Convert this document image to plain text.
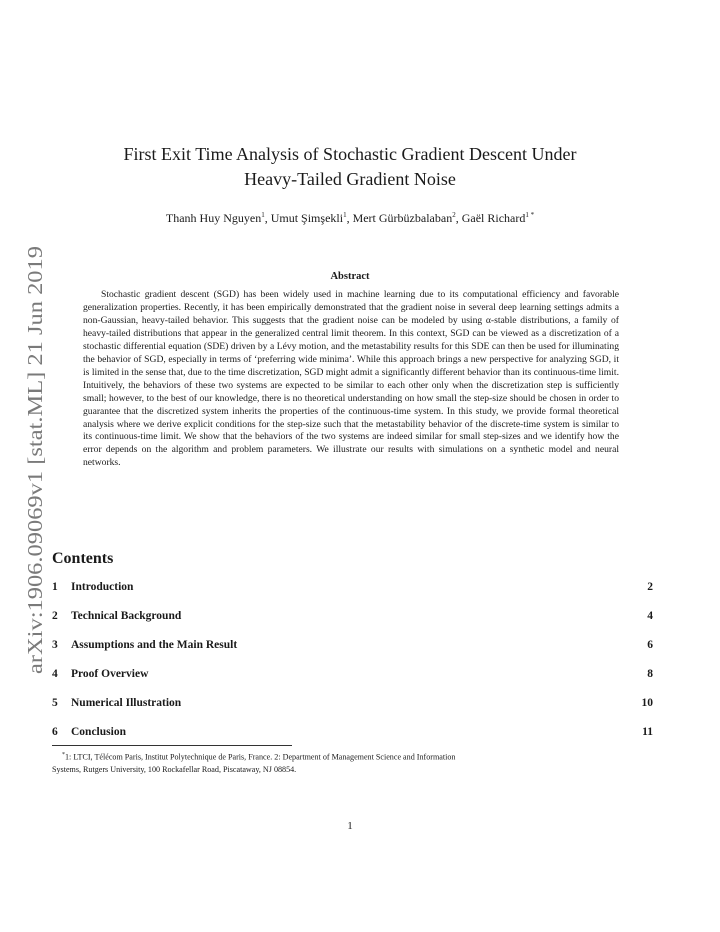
arXiv:1906.09069v1 [stat.ML] 21 Jun 2019
First Exit Time Analysis of Stochastic Gradient Descent Under
Heavy-Tailed Gradient Noise
Thanh Huy Nguyen$^1$, Umut Şimşekli$^1$, Mert Gürbüzbalaban$^2$, Gaël Richard$^{1 *}$
Abstract

Stochastic gradient descent (SGD) has been widely used in machine learning due to its computational efficiency and favorable generalization properties. Recently, it has been empirically demonstrated that the gradient noise in several deep learning settings admits a non-Gaussian, heavy-tailed behavior. This suggests that the gradient noise can be modeled by using α-stable distributions, a family of heavy-tailed distributions that appear in the generalized central limit theorem. In this context, SGD can be viewed as a discretization of a stochastic differential equation (SDE) driven by a Lévy motion, and the metastability results for this SDE can then be used for illuminating the behavior of SGD, especially in terms of ‘preferring wide minima’. While this approach brings a new perspective for analyzing SGD, it is limited in the sense that, due to the time discretization, SGD might admit a significantly different behavior than its continuous-time limit. Intuitively, the behaviors of these two systems are expected to be similar to each other only when the discretization step is sufficiently small; however, to the best of our knowledge, there is no theoretical understanding on how small the step-size should be chosen in order to guarantee that the discretized system inherits the properties of the continuous-time system. In this study, we provide formal theoretical analysis where we derive explicit conditions for the step-size such that the metastability behavior of the discrete-time system is similar to its continuous-time limit. We show that the behaviors of the two systems are indeed similar for small step-sizes and we identify how the error depends on the algorithm and problem parameters. We illustrate our results with simulations on a synthetic model and neural networks.

Contents
1 Introduction	2
2 Technical Background	4
3 Assumptions and the Main Result	6
4 Proof Overview	8
5 Numerical Illustration	10
6 Conclusion	11
*1: LTCI, Télécom Paris, Institut Polytechnique de Paris, France. 2: Department of Management Science and Information
Systems, Rutgers University, 100 Rockafellar Road, Piscataway, NJ 08854.
1
